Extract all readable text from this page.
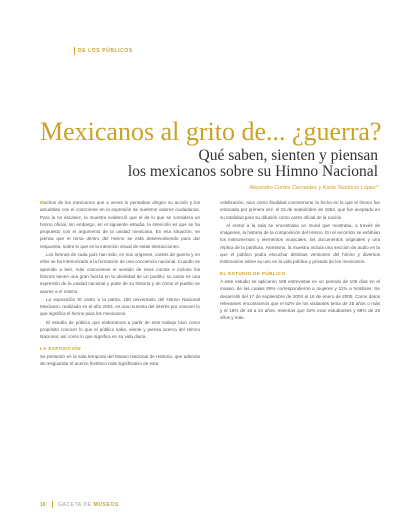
DE LOS PÚBLICOS
Mexicanos al grito de... ¿guerra?
Qué saben, sienten y piensan
los mexicanos sobre su Himno Nacional
Alejandro Cortés Cervantes y Karla Teodocio López*

Muchos de los mexicanos que a veces lo pensaban dirigen su acción y los amueblan con el consciente en la expresión de nuestros valores ciudadanos. Para la no escasez, la muestra evidenció que el de lo que se considera un himno oficial, sin embargo, en el siguiente estudio, la intención es que se ha propuesto con el argumento de la unidad mexicana. En esa situación, se piensa que el tema dentro del Himno se está desenvolviendo para dar respuesta, sobre lo que es la intención visual de estas interacciones.

Los himnos de cada país han sido, en sus orígenes, cantos de guerra y en ellos se ha interiorizado a la formación de una conciencia nacional. Cuando se aprende a leer, más conocemos el sentido de esos cantos e incluso los himnos tienen una gran fuerza en la identidad de un pueblo; su canto es una expresión de la unidad nacional y parte de su historia y de cómo el pueblo se asume a sí mismo.

La exposición El canto a la patria, 150 aniversario del Himno Nacional Mexicano, realizada en el año 2004, es una muestra del interés por conocer lo que significa el himno para los mexicanos.

El estudio de público que elaboramos a partir de este trabajo tuvo como propósito conocer lo que el público sabe, siente y piensa acerca del Himno Nacional, así como lo que significa en su vida diaria.

LA EXPOSICIÓN

Se presentó en la sala temporal del Museo Nacional de Historia, que además de resguardar el acervo histórico más significativo de esta

celebración, tuvo como finalidad conmemorar la fecha en la que el himno fue entonado por primera vez, el 15 de septiembre de 1854, que fue aceptado en su totalidad para su difusión como canto oficial de la nación.

Al entrar a la sala se encontraba un mural que mostraba, a través de imágenes, la historia de la composición del Himno. En el recorrido se exhibían los instrumentos y elementos musicales, los documentos originales y una réplica de la partitura. Asimismo, la muestra incluía una sección de audio en la que el público podía escuchar distintas versiones del himno y diversos testimonios sobre su uso en la vida pública y privada de los mexicanos.

EL ESTUDIO DE PÚBLICO

A este estudio se aplicaron 199 entrevistas en un periodo de 105 días en el museo, de las cuales 89% correspondieron a mujeres y 11% a hombres. Se desarrolló del 17 de septiembre de 2004 al 16 de enero de 2005. Como datos relevantes encontramos que el 52% de los visitantes tenía de 25 años o más y el 18% de 18 a 24 años, mientras que 32% eran estudiantes y 68% de 25 años y más.

16 GACETA DE MUSEOS
